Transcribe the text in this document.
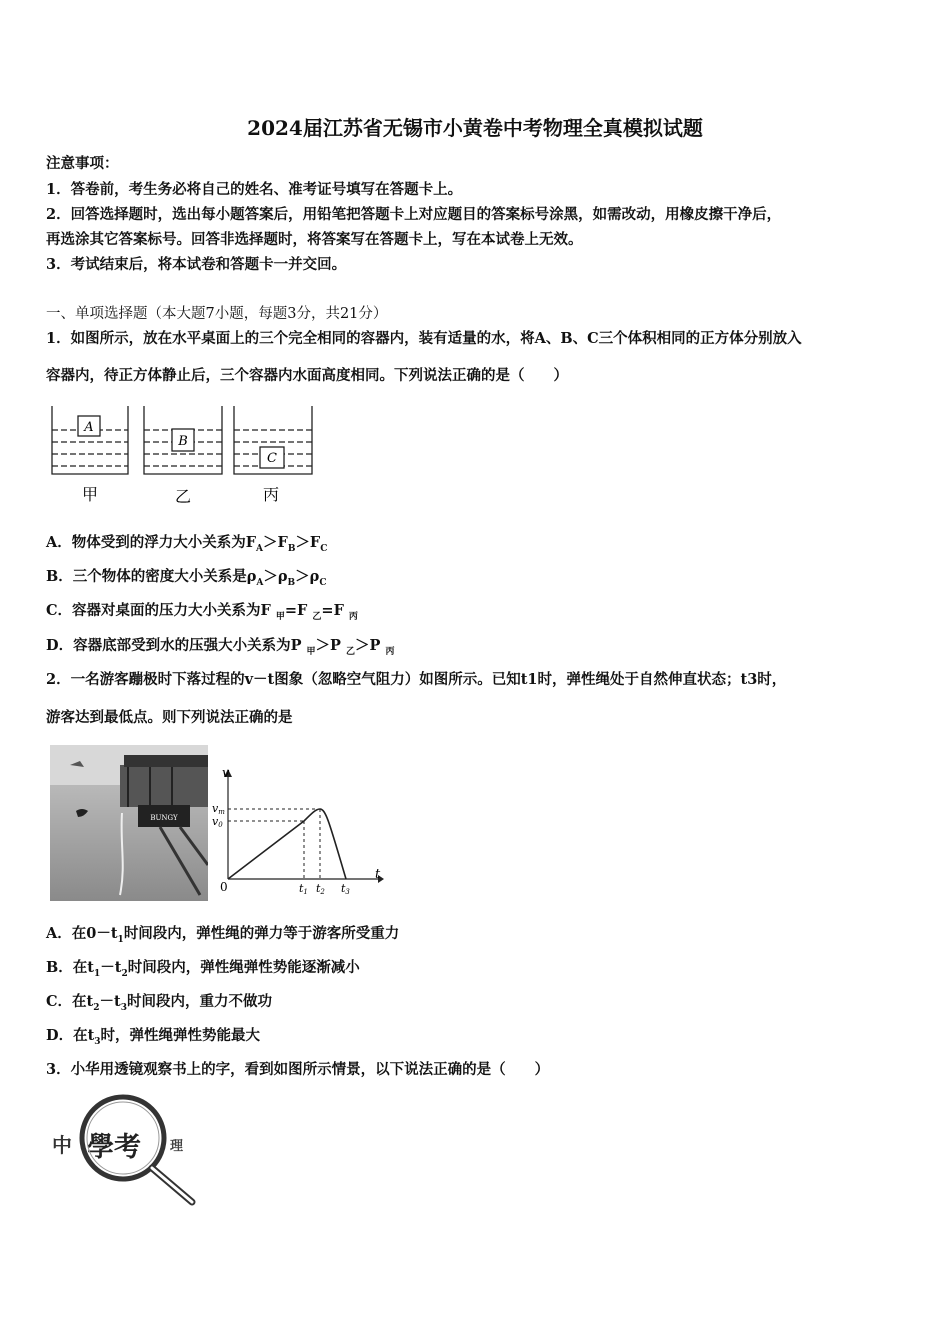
2024届江苏省无锡市小黄卷中考物理全真模拟试题
注意事项：
1．答卷前，考生务必将自己的姓名、准考证号填写在答题卡上。
2．回答选择题时，选出每小题答案后，用铅笔把答题卡上对应题目的答案标号涂黑，如需改动，用橡皮擦干净后，
再选涂其它答案标号。回答非选择题时，将答案写在答题卡上，写在本试卷上无效。
3．考试结束后，将本试卷和答题卡一并交回。
一、单项选择题（本大题7小题，每题3分，共21分）
1．如图所示，放在水平桌面上的三个完全相同的容器内，装有适量的水，将A、B、C三个体积相同的正方体分别放入
容器内，待正方体静止后，三个容器内水面高度相同。下列说法正确的是（　　）
A
B
C
甲	乙	丙
A．物体受到的浮力大小关系为$F_A>F_B>F_C$
B．三个物体的密度大小关系是$\rho_A>\rho_B>\rho_C$
C．容器对桌面的压力大小关系为F $_甲$=F $_乙$=F $_丙$
D．容器底部受到水的压强大小关系为P $_甲$＞P $_乙$＞P $_丙$
2．一名游客蹦极时下落过程的v－t图象（忽略空气阻力）如图所示。已知t1时，弹性绳处于自然伸直状态；t3时，
游客达到最低点。则下列说法正确的是
BUNGY
v
t
0
vm
v0
t1 t2 t3
A．在$0-t_1$时间段内，弹性绳的弹力等于游客所受重力
B．在$t_1-t_2$时间段内，弹性绳弹性势能逐渐减小
C．在$t_2-t_3$时间段内，重力不做功
D．在$t_3$时，弹性绳弹性势能最大
3．小华用透镜观察书上的字，看到如图所示情景，以下说法正确的是（　　）
中 學考 理
